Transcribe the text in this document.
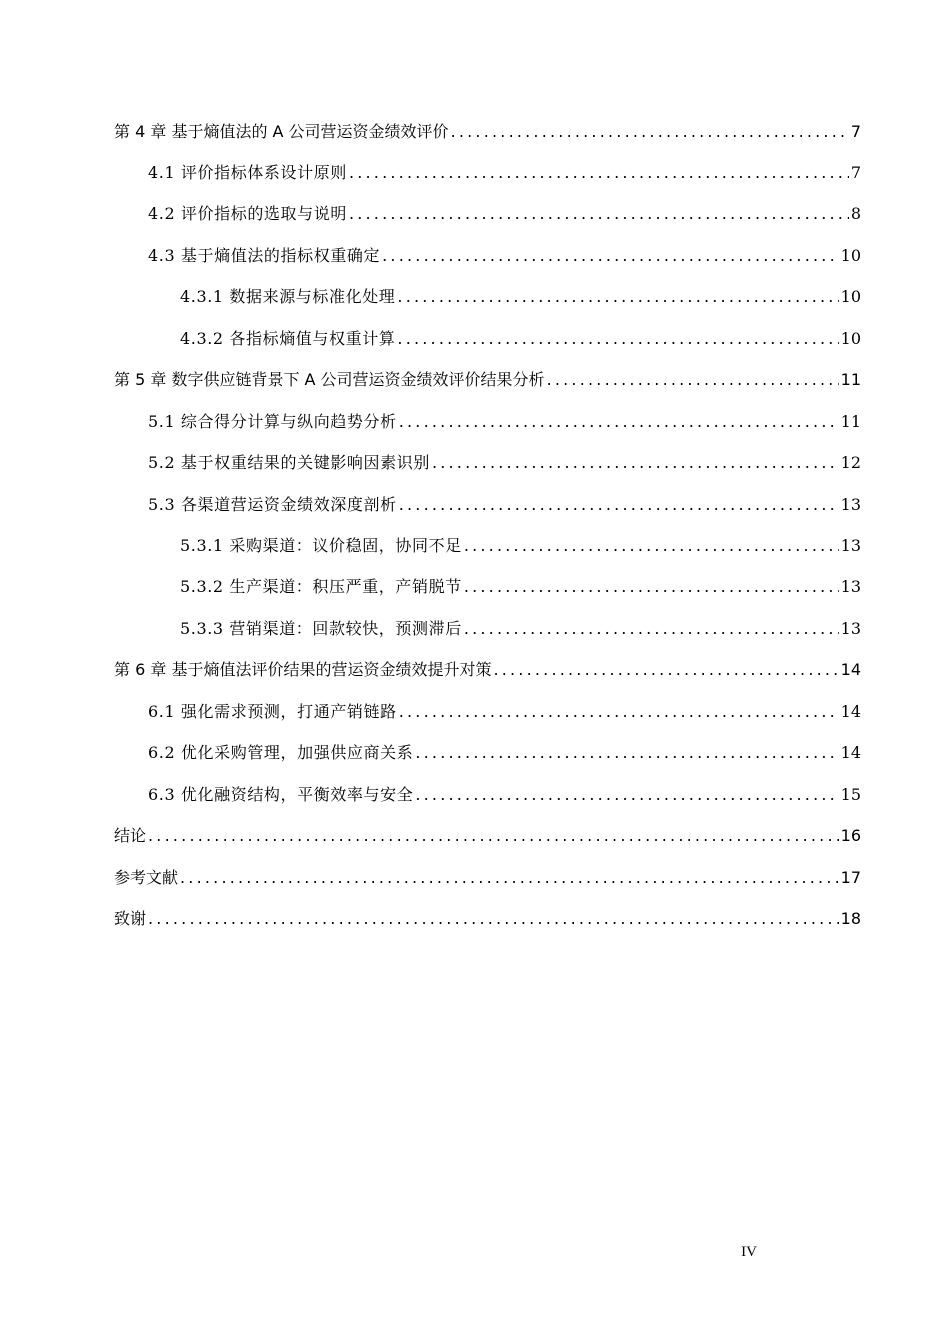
第 4 章 基于熵值法的 A 公司营运资金绩效评价 .....	7
4.1 评价指标体系设计原则 .....	7
4.2 评价指标的选取与说明 .....	8
4.3 基于熵值法的指标权重确定 .....	10
4.3.1 数据来源与标准化处理 .....	10
4.3.2 各指标熵值与权重计算 .....	10
第 5 章 数字供应链背景下 A 公司营运资金绩效评价结果分析 .....	11
5.1 综合得分计算与纵向趋势分析 .....	11
5.2 基于权重结果的关键影响因素识别 .....	12
5.3 各渠道营运资金绩效深度剖析 .....	13
5.3.1 采购渠道：议价稳固，协同不足 .....	13
5.3.2 生产渠道：积压严重，产销脱节 .....	13
5.3.3 营销渠道：回款较快，预测滞后 .....	13
第 6 章 基于熵值法评价结果的营运资金绩效提升对策 .....	14
6.1 强化需求预测，打通产销链路 .....	14
6.2 优化采购管理，加强供应商关系 .....	14
6.3 优化融资结构，平衡效率与安全 .....	15
结论 .....	16
参考文献 .....	17
致谢 .....	18
IV
